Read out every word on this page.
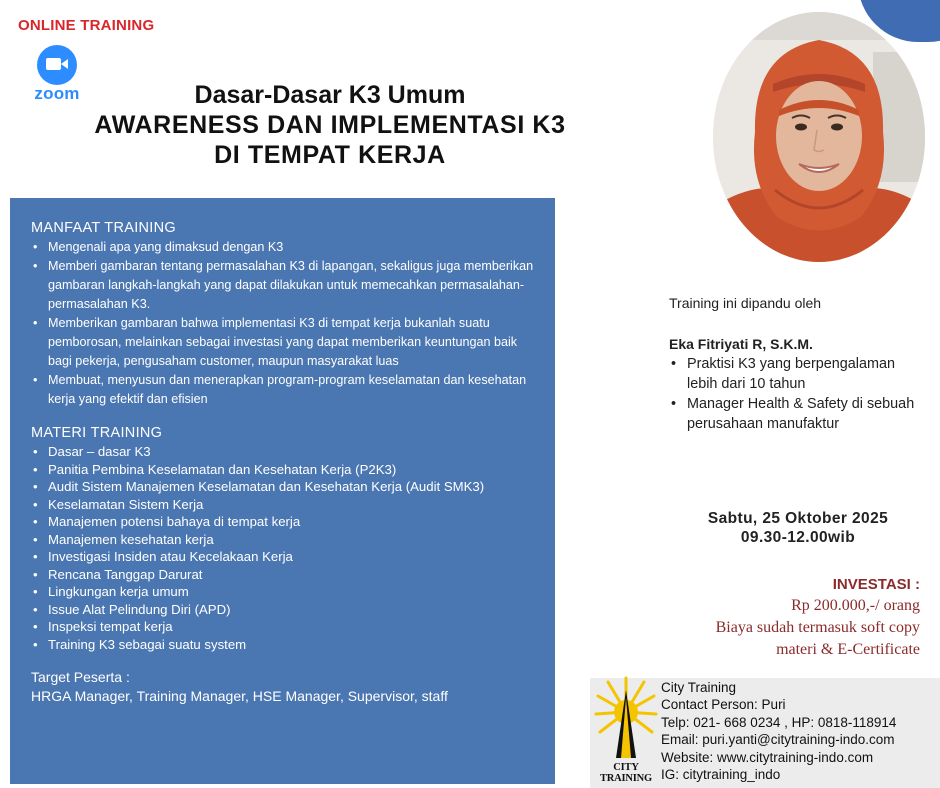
ONLINE TRAINING
zoom	Dasar-Dasar K3 Umum
AWARENESS DAN IMPLEMENTASI K3
DI TEMPAT KERJA
MANFAAT TRAINING
• Mengenali apa yang dimaksud dengan K3
• Memberi gambaran tentang permasalahan K3 di lapangan, sekaligus juga memberikan gambaran langkah-langkah yang dapat dilakukan untuk memecahkan permasalahan-permasalahan K3.
• Memberikan gambaran bahwa implementasi K3 di tempat kerja bukanlah suatu pemborosan, melainkan sebagai investasi yang dapat memberikan keuntungan baik bagi pekerja, pengusaham customer, maupun masyarakat luas
• Membuat, menyusun dan menerapkan program-program keselamatan dan kesehatan kerja yang efektif dan efisien
MATERI TRAINING
• Dasar – dasar K3
• Panitia Pembina Keselamatan dan Kesehatan Kerja (P2K3)
• Audit Sistem Manajemen Keselamatan dan Kesehatan Kerja (Audit SMK3)
• Keselamatan Sistem Kerja
• Manajemen potensi bahaya di tempat kerja
• Manajemen kesehatan kerja
• Investigasi Insiden atau Kecelakaan Kerja
• Rencana Tanggap Darurat
• Lingkungan kerja umum
• Issue Alat Pelindung Diri (APD)
• Inspeksi tempat kerja
• Training K3 sebagai suatu system
Target Peserta :
HRGA Manager, Training Manager, HSE Manager, Supervisor, staff
Training ini dipandu oleh
Eka Fitriyati R, S.K.M.
• Praktisi K3 yang berpengalaman lebih dari 10 tahun
• Manager Health & Safety di sebuah perusahaan manufaktur
Sabtu, 25 Oktober 2025
09.30-12.00wib
INVESTASI :
Rp 200.000,-/ orang
Biaya sudah termasuk soft copy
materi & E-Certificate
CITY TRAINING
City Training
Contact Person: Puri
Telp: 021- 668 0234 , HP: 0818-118914
Email: puri.yanti@citytraining-indo.com
Website: www.citytraining-indo.com
IG: citytraining_indo
